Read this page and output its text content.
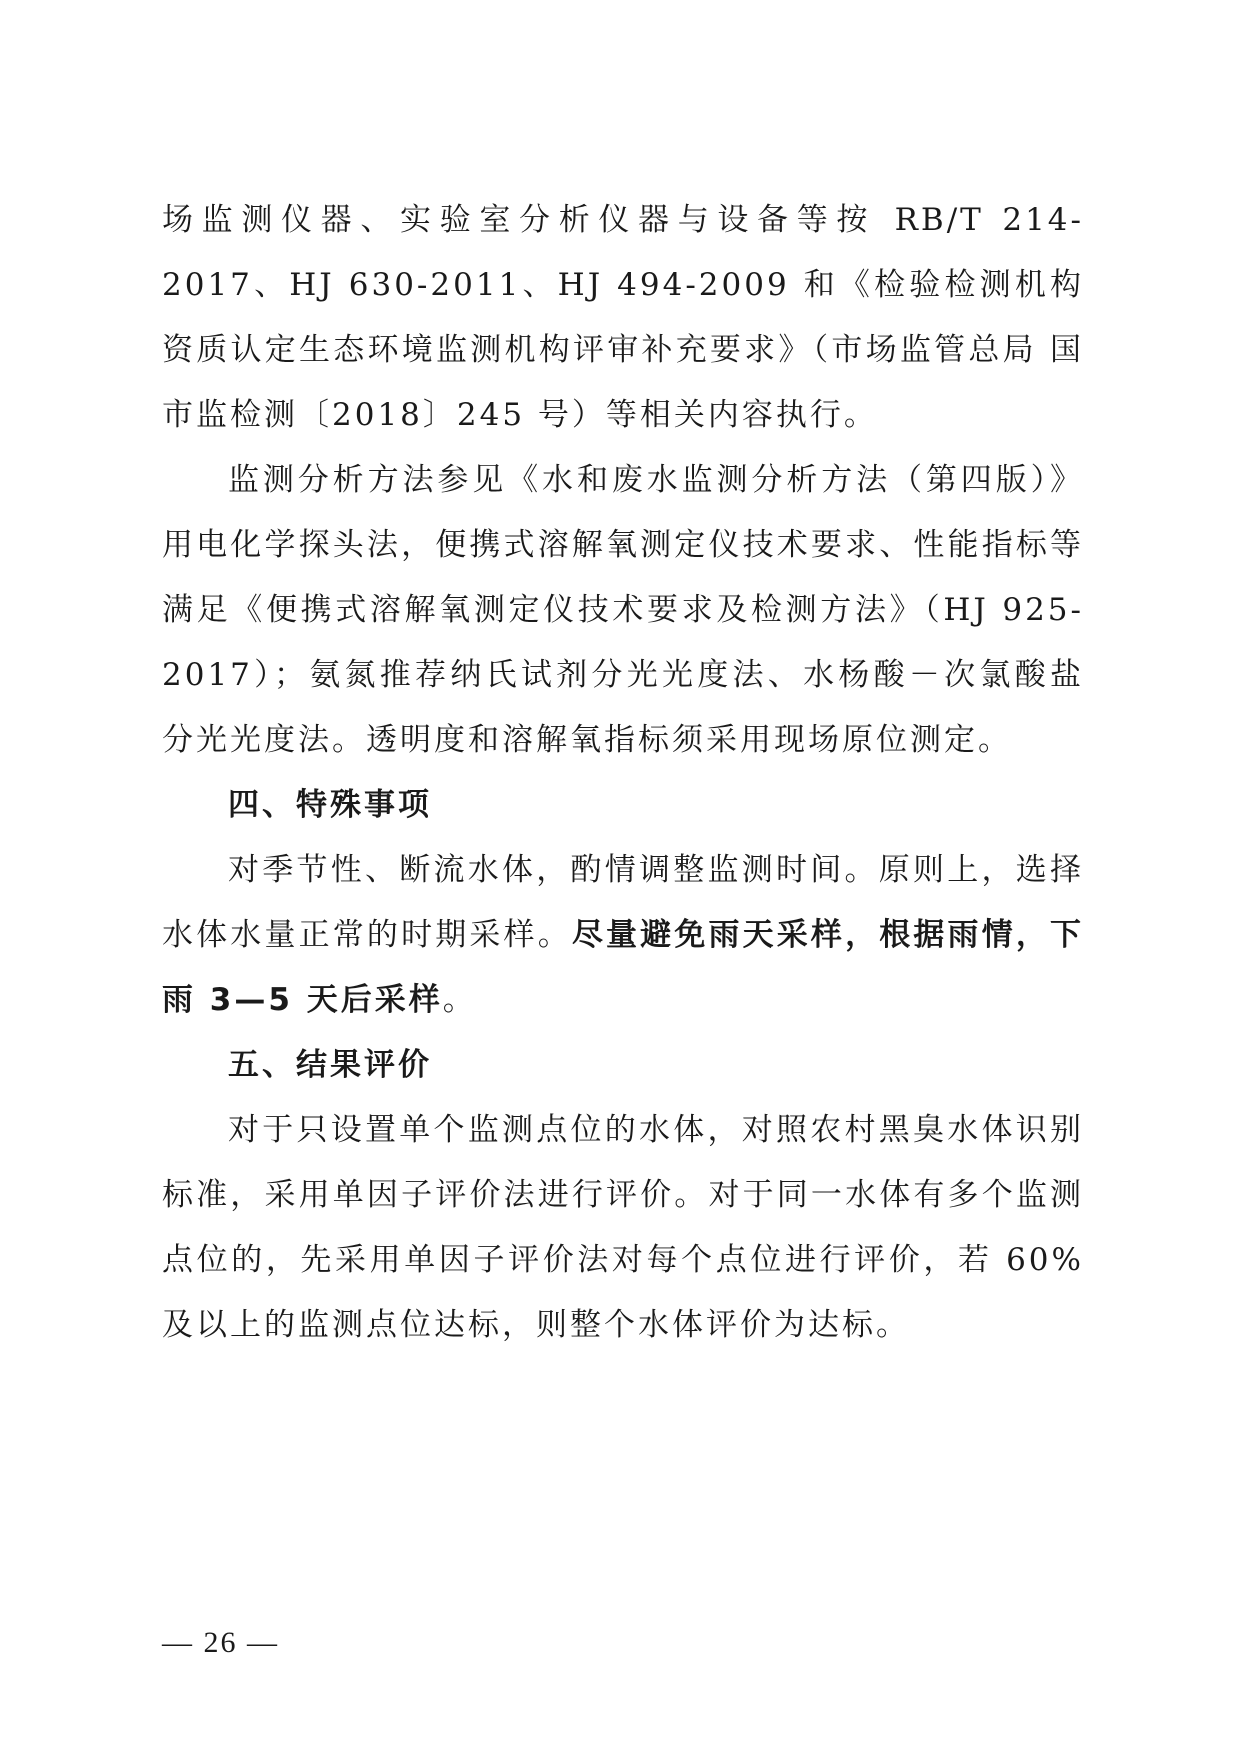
场监测仪器、实验室分析仪器与设备等按 RB/T 214-2017、HJ 630-2011、HJ 494-2009 和《检验检测机构资质认定生态环境监测机构评审补充要求》（市场监管总局 国市监检测〔2018〕245 号）等相关内容执行。

监测分析方法参见《水和废水监测分析方法（第四版）》用电化学探头法，便携式溶解氧测定仪技术要求、性能指标等满足《便携式溶解氧测定仪技术要求及检测方法》（HJ 925-2017）；氨氮推荐纳氏试剂分光光度法、水杨酸－次氯酸盐分光光度法。透明度和溶解氧指标须采用现场原位测定。

四、特殊事项

对季节性、断流水体，酌情调整监测时间。原则上，选择水体水量正常的时期采样。尽量避免雨天采样，根据雨情，下雨 3—5 天后采样。

五、结果评价

对于只设置单个监测点位的水体，对照农村黑臭水体识别标准，采用单因子评价法进行评价。对于同一水体有多个监测点位的，先采用单因子评价法对每个点位进行评价，若 60%及以上的监测点位达标，则整个水体评价为达标。

— 26 —
